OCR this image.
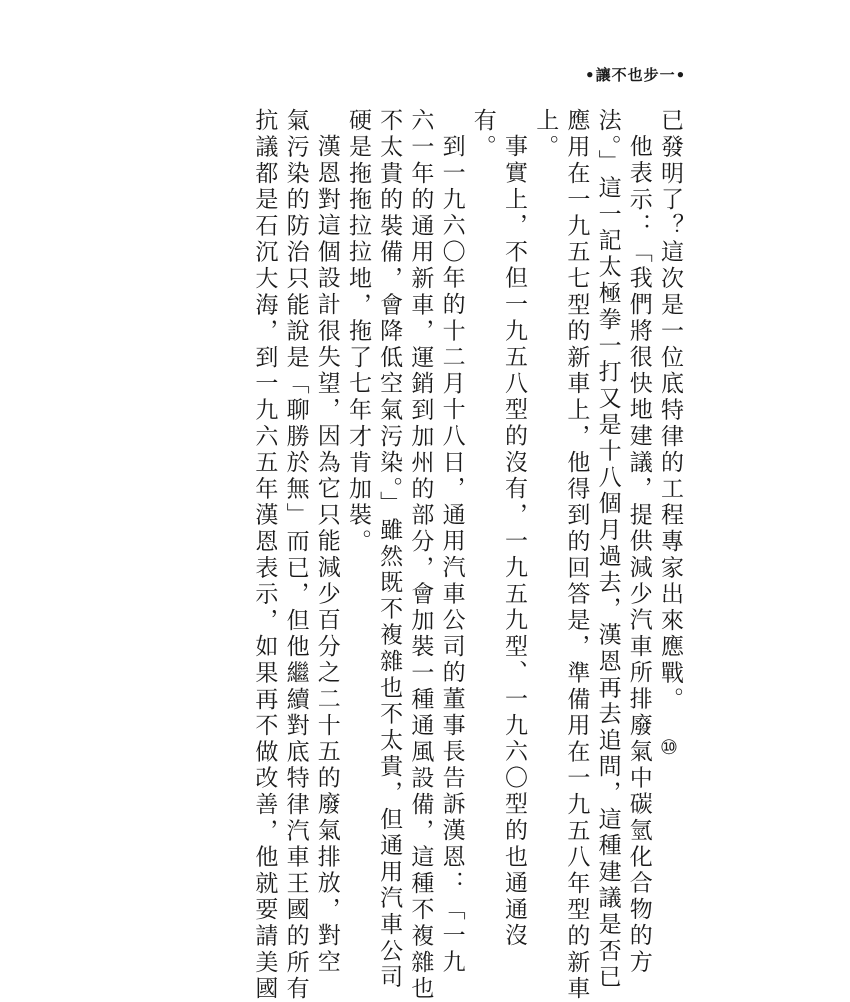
•讓不也步一•
已發明了？這次是一位底特律的工程專家出來應戰。
他表示：「我們將很快地建議，提供減少汽車所排廢氣中碳氫化合物的方
法。」這一記太極拳一打又是十八個月過去，漢恩再去追問，這種建議是否已
應用在一九五七型的新車上，他得到的回答是，準備用在一九五八年型的新車
上。
事實上，不但一九五八型的沒有，一九五九型、一九六〇型的也通通沒
有。
到一九六〇年的十二月十八日，通用汽車公司的董事長告訴漢恩：「一九
六一年的通用新車，運銷到加州的部分，會加裝一種通風設備，這種不複雜也
不太貴的裝備，會降低空氣污染。」雖然既不複雜也不太貴，但通用汽車公司
硬是拖拖拉拉地，拖了七年才肯加裝。
漢恩對這個設計很失望，因為它只能減少百分之二十五的廢氣排放，對空
氣污染的防治只能說是「聊勝於無」而已，但他繼續對底特律汽車王國的所有
抗議都是石沉大海，到一九六五年漢恩表示，如果再不做改善，他就要請美國	⑩
